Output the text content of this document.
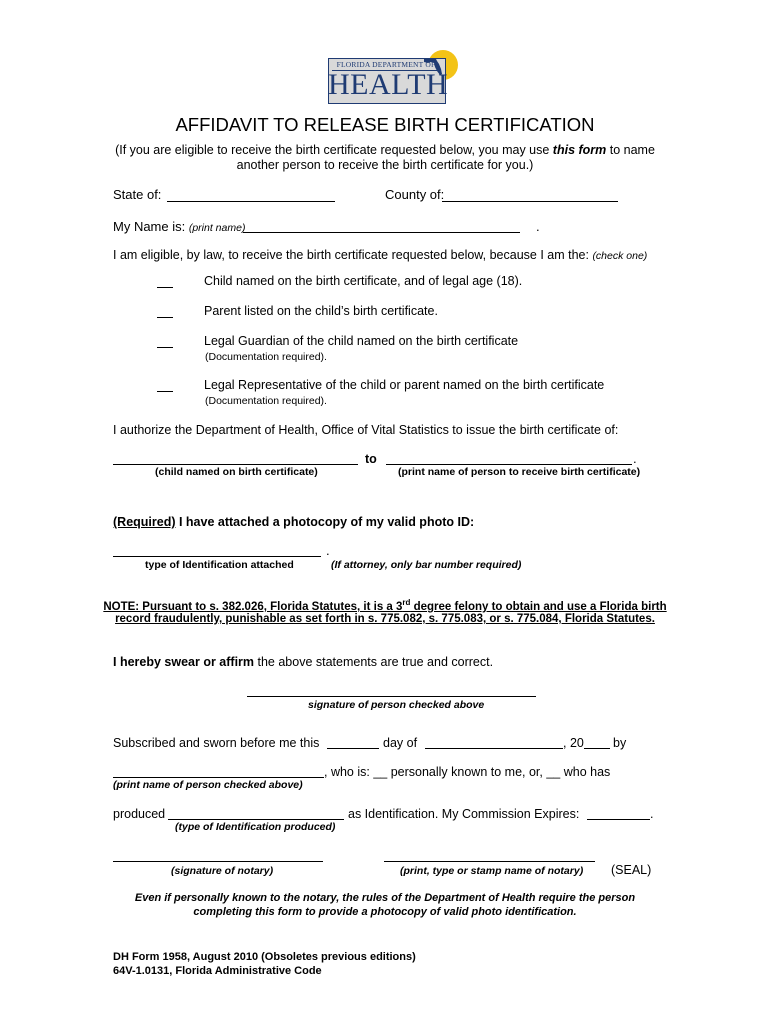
FLORIDA DEPARTMENT OF
HEALTH
AFFIDAVIT TO RELEASE BIRTH CERTIFICATION
(If you are eligible to receive the birth certificate requested below, you may use this form to name
another person to receive the birth certificate for you.)
State of:	County of:
My Name is: (print name)	.
I am eligible, by law, to receive the birth certificate requested below, because I am the: (check one)
Child named on the birth certificate, and of legal age (18).
Parent listed on the child’s birth certificate.
Legal Guardian of the child named on the birth certificate
(Documentation required).
Legal Representative of the child or parent named on the birth certificate
(Documentation required).
I authorize the Department of Health, Office of Vital Statistics to issue the birth certificate of:
to	.
(child named on birth certificate)	(print name of person to receive birth certificate)
(Required) I have attached a photocopy of my valid photo ID:
.
type of Identification attached	(If attorney, only bar number required)
NOTE: Pursuant to s. 382.026, Florida Statutes, it is a 3rd degree felony to obtain and use a Florida birth
record fraudulently, punishable as set forth in s. 775.082, s. 775.083, or s. 775.084, Florida Statutes.
I hereby swear or affirm the above statements are true and correct.
signature of person checked above
Subscribed and sworn before me this	day of	, 20 by
, who is: __ personally known to me, or, __ who has
(print name of person checked above)
produced	as Identification. My Commission Expires:	.
(type of Identification produced)
(signature of notary)	(print, type or stamp name of notary) (SEAL)
Even if personally known to the notary, the rules of the Department of Health require the person
completing this form to provide a photocopy of valid photo identification.
DH Form 1958, August 2010 (Obsoletes previous editions)
64V-1.0131, Florida Administrative Code
